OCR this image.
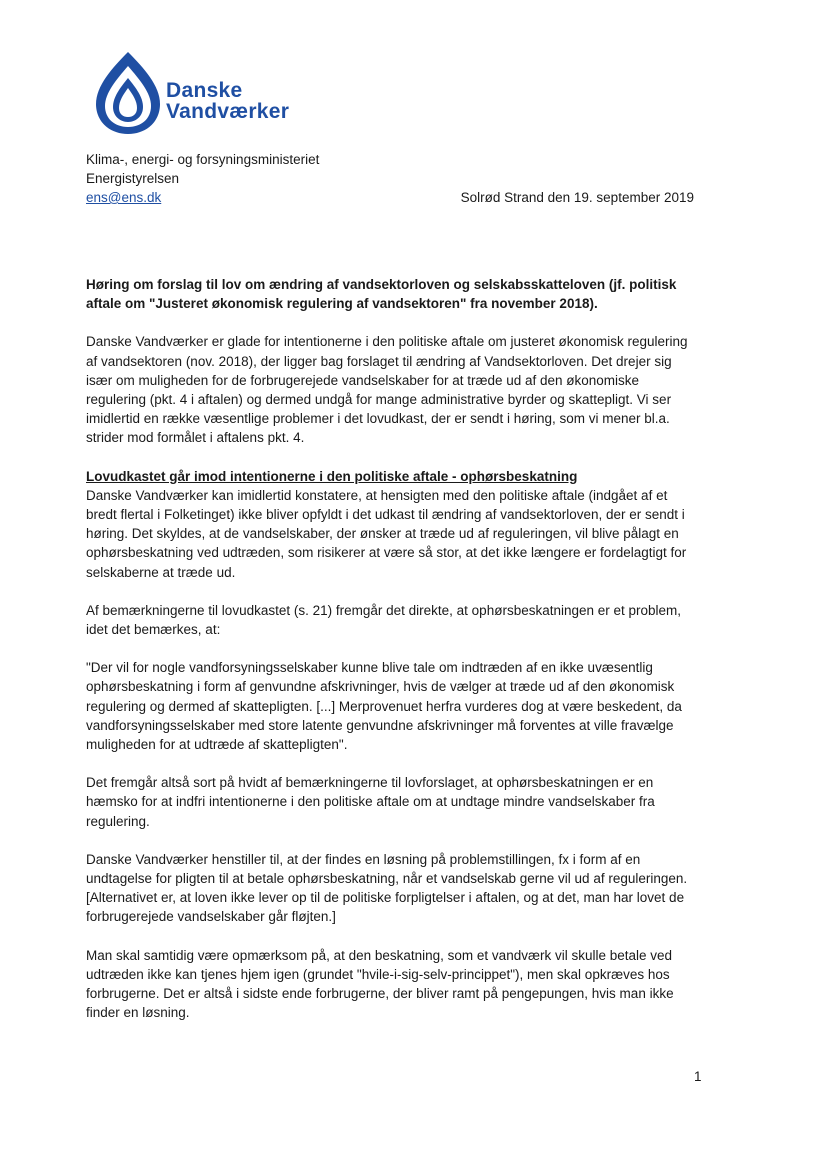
Danske
Vandværker
Klima-, energi- og forsyningsministeriet
Energistyrelsen
ens@ens.dk	Solrød Strand den 19. september 2019

Høring om forslag til lov om ændring af vandsektorloven og selskabsskatteloven (jf. politisk aftale om "Justeret økonomisk regulering af vandsektoren" fra november 2018).

Danske Vandværker er glade for intentionerne i den politiske aftale om justeret økonomisk regulering af vandsektoren (nov. 2018), der ligger bag forslaget til ændring af Vandsektorloven. Det drejer sig især om muligheden for de forbrugerejede vandselskaber for at træde ud af den økonomiske regulering (pkt. 4 i aftalen) og dermed undgå for mange administrative byrder og skattepligt. Vi ser imidlertid en række væsentlige problemer i det lovudkast, der er sendt i høring, som vi mener bl.a. strider mod formålet i aftalens pkt. 4.

Lovudkastet går imod intentionerne i den politiske aftale - ophørsbeskatning
Danske Vandværker kan imidlertid konstatere, at hensigten med den politiske aftale (indgået af et bredt flertal i Folketinget) ikke bliver opfyldt i det udkast til ændring af vandsektorloven, der er sendt i høring. Det skyldes, at de vandselskaber, der ønsker at træde ud af reguleringen, vil blive pålagt en ophørsbeskatning ved udtræden, som risikerer at være så stor, at det ikke længere er fordelagtigt for selskaberne at træde ud.

Af bemærkningerne til lovudkastet (s. 21) fremgår det direkte, at ophørsbeskatningen er et problem, idet det bemærkes, at:

"Der vil for nogle vandforsyningsselskaber kunne blive tale om indtræden af en ikke uvæsentlig ophørsbeskatning i form af genvundne afskrivninger, hvis de vælger at træde ud af den økonomisk regulering og dermed af skattepligten. [...] Merprovenuet herfra vurderes dog at være beskedent, da vandforsyningsselskaber med store latente genvundne afskrivninger må forventes at ville fravælge muligheden for at udtræde af skattepligten".

Det fremgår altså sort på hvidt af bemærkningerne til lovforslaget, at ophørsbeskatningen er en hæmsko for at indfri intentionerne i den politiske aftale om at undtage mindre vandselskaber fra regulering.

Danske Vandværker henstiller til, at der findes en løsning på problemstillingen, fx i form af en undtagelse for pligten til at betale ophørsbeskatning, når et vandselskab gerne vil ud af reguleringen. [Alternativet er, at loven ikke lever op til de politiske forpligtelser i aftalen, og at det, man har lovet de forbrugerejede vandselskaber går fløjten.]

Man skal samtidig være opmærksom på, at den beskatning, som et vandværk vil skulle betale ved udtræden ikke kan tjenes hjem igen (grundet "hvile-i-sig-selv-princippet"), men skal opkræves hos forbrugerne. Det er altså i sidste ende forbrugerne, der bliver ramt på pengepungen, hvis man ikke finder en løsning.

1
